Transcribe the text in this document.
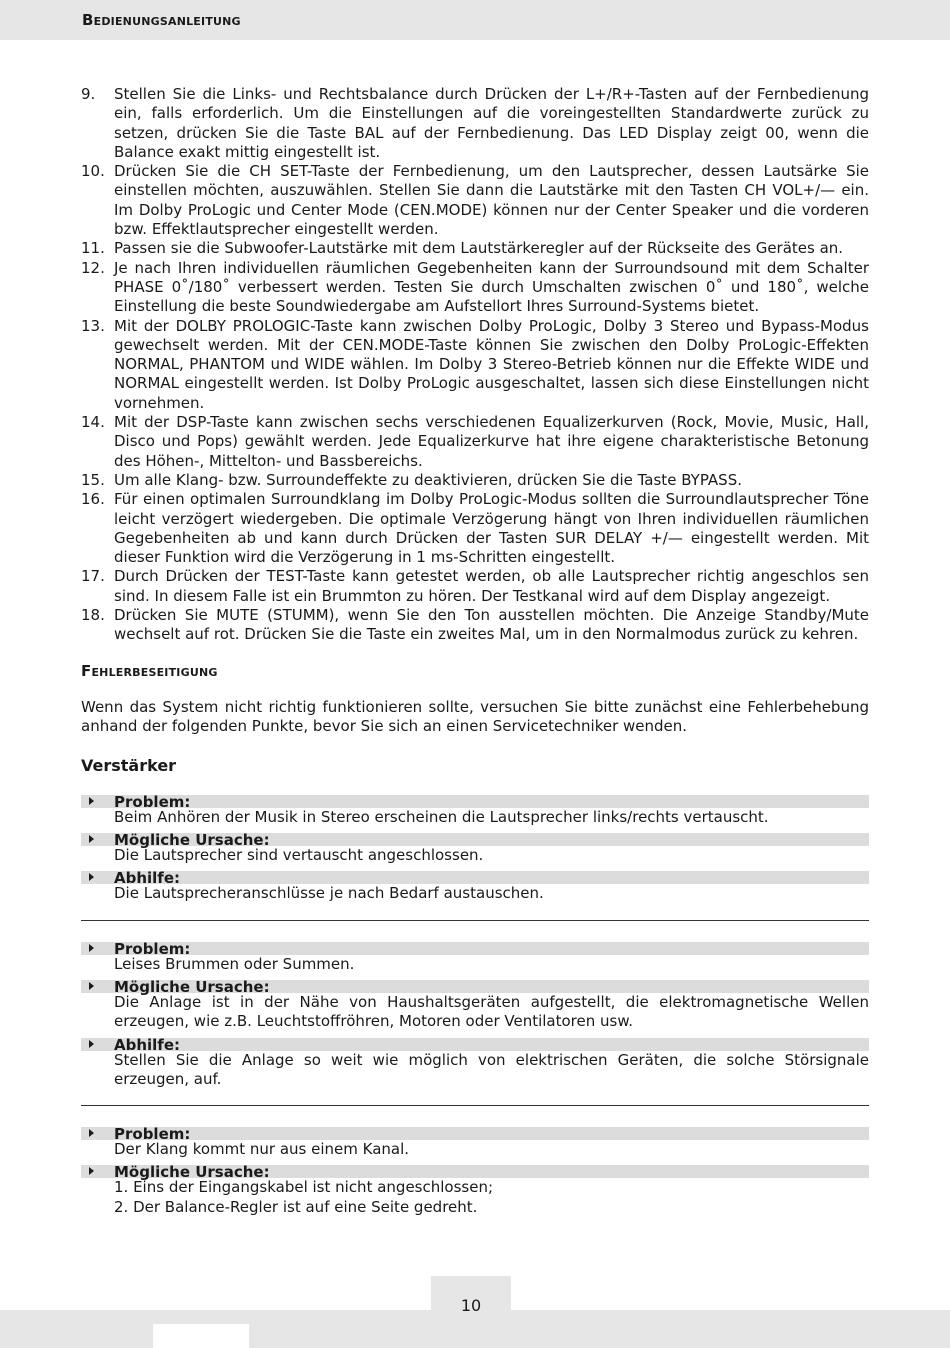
Bedienungsanleitung
9. Stellen Sie die Links- und Rechtsbalance durch Drücken der L+/R+-Tasten auf der Fernbedienung ein, falls erforderlich. Um die Einstellungen auf die voreingestellten Standardwerte zurück zu setzen, drücken Sie die Taste BAL auf der Fernbedienung. Das LED Display zeigt 00, wenn die Balance exakt mittig eingestellt ist.
10. Drücken Sie die CH SET-Taste der Fernbedienung, um den Lautsprecher, dessen Lautsärke Sie einstellen möchten, auszuwählen. Stellen Sie dann die Lautstärke mit den Tasten CH VOL+/— ein. Im Dolby ProLogic und Center Mode (CEN.MODE) können nur der Center Speaker und die vorderen bzw. Effektlautsprecher eingestellt werden.
11. Passen sie die Subwoofer-Lautstärke mit dem Lautstärkeregler auf der Rückseite des Gerätes an.
12. Je nach Ihren individuellen räumlichen Gegebenheiten kann der Surroundsound mit dem Schalter PHASE 0˚/180˚ verbessert werden. Testen Sie durch Umschalten zwischen 0˚ und 180˚, welche Einstellung die beste Soundwiedergabe am Aufstellort Ihres Surround-Systems bietet.
13. Mit der DOLBY PROLOGIC-Taste kann zwischen Dolby ProLogic, Dolby 3 Stereo und Bypass-Modus gewechselt werden. Mit der CEN.MODE-Taste können Sie zwischen den Dolby ProLogic-Effekten NORMAL, PHANTOM und WIDE wählen. Im Dolby 3 Stereo-Betrieb können nur die Effekte WIDE und NORMAL eingestellt werden. Ist Dolby ProLogic ausgeschaltet, lassen sich diese Einstellungen nicht vornehmen.
14. Mit der DSP-Taste kann zwischen sechs verschiedenen Equalizerkurven (Rock, Movie, Music, Hall, Disco und Pops) gewählt werden. Jede Equalizerkurve hat ihre eigene charakteristische Betonung des Höhen-, Mittelton- und Bassbereichs.
15. Um alle Klang- bzw. Surroundeffekte zu deaktivieren, drücken Sie die Taste BYPASS.
16. Für einen optimalen Surroundklang im Dolby ProLogic-Modus sollten die Surroundlautsprecher Töne leicht verzögert wiedergeben. Die optimale Verzögerung hängt von Ihren individuellen räumlichen Gegebenheiten ab und kann durch Drücken der Tasten SUR DELAY +/— eingestellt werden. Mit dieser Funktion wird die Verzögerung in 1 ms-Schritten eingestellt.
17. Durch Drücken der TEST-Taste kann getestet werden, ob alle Lautsprecher richtig angeschlos sen sind. In diesem Falle ist ein Brummton zu hören. Der Testkanal wird auf dem Display angezeigt.
18. Drücken Sie MUTE (STUMM), wenn Sie den Ton ausstellen möchten. Die Anzeige Standby/Mute wechselt auf rot. Drücken Sie die Taste ein zweites Mal, um in den Normalmodus zurück zu kehren.
Fehlerbeseitigung
Wenn das System nicht richtig funktionieren sollte, versuchen Sie bitte zunächst eine Fehlerbehebung anhand der folgenden Punkte, bevor Sie sich an einen Servicetechniker wenden.
Verstärker
Problem:
Beim Anhören der Musik in Stereo erscheinen die Lautsprecher links/rechts vertauscht.
Mögliche Ursache:
Die Lautsprecher sind vertauscht angeschlossen.
Abhilfe:
Die Lautsprecheranschlüsse je nach Bedarf austauschen.
Problem:
Leises Brummen oder Summen.
Mögliche Ursache:
Die Anlage ist in der Nähe von Haushaltsgeräten aufgestellt, die elektromagnetische Wellen erzeugen, wie z.B. Leuchtstoffröhren, Motoren oder Ventilatoren usw.
Abhilfe:
Stellen Sie die Anlage so weit wie möglich von elektrischen Geräten, die solche Störsignale erzeugen, auf.
Problem:
Der Klang kommt nur aus einem Kanal.
Mögliche Ursache:
1. Eins der Eingangskabel ist nicht angeschlossen;
2. Der Balance-Regler ist auf eine Seite gedreht.
10
